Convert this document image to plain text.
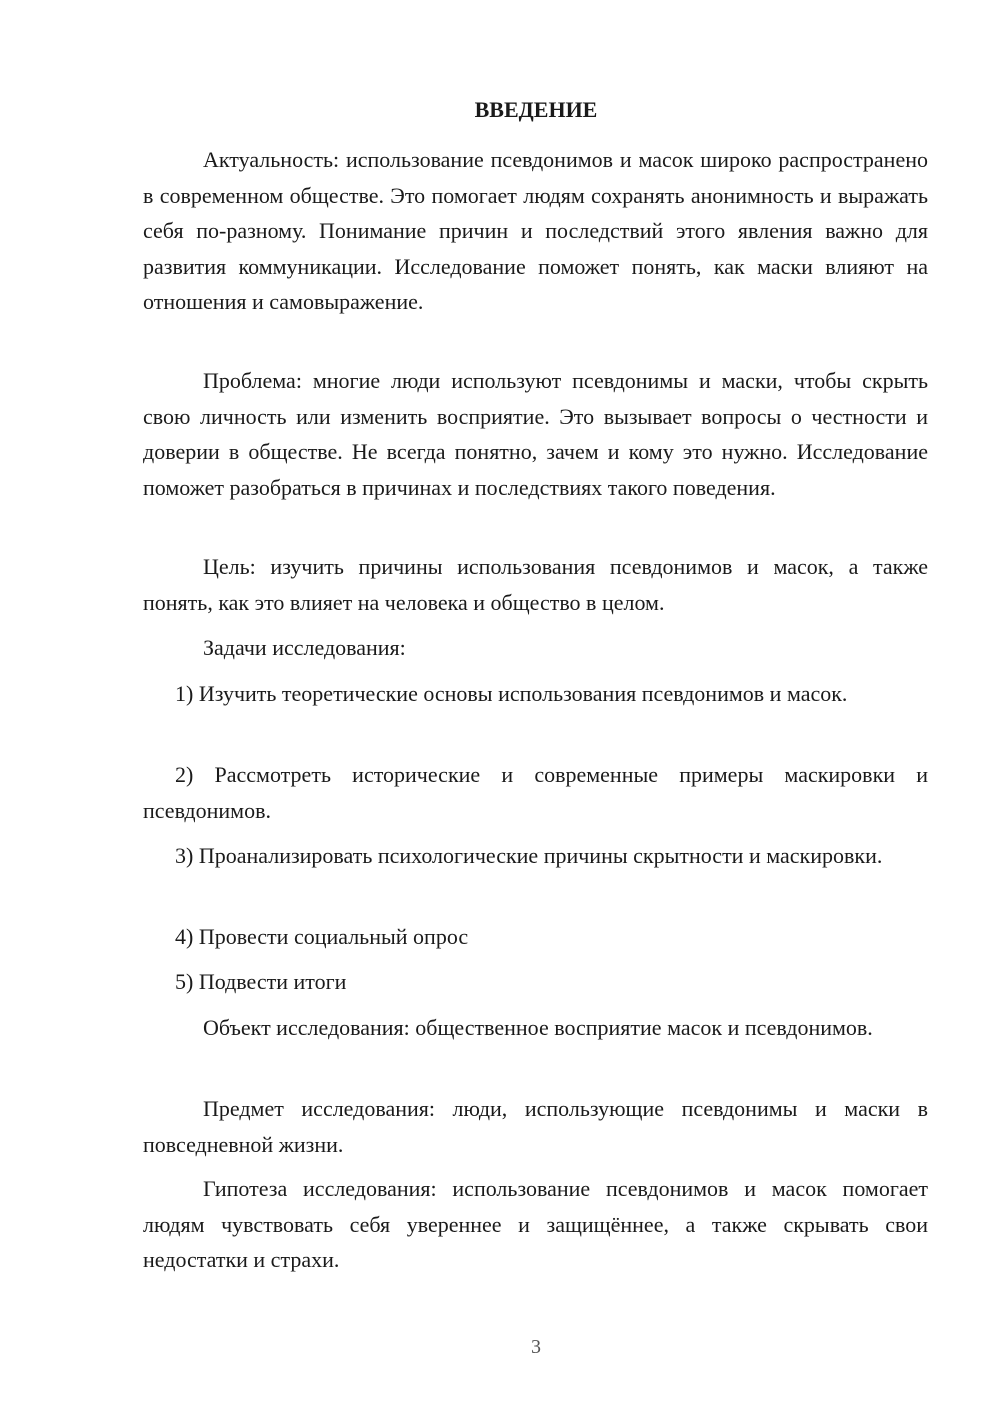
ВВЕДЕНИЕ

Актуальность: использование псевдонимов и масок широко распространено в современном обществе. Это помогает людям сохранять анонимность и выражать себя по-разному. Понимание причин и последствий этого явления важно для развития коммуникации. Исследование поможет понять, как маски влияют на отношения и самовыражение.

Проблема: многие люди используют псевдонимы и маски, чтобы скрыть свою личность или изменить восприятие. Это вызывает вопросы о честности и доверии в обществе. Не всегда понятно, зачем и кому это нужно. Исследование поможет разобраться в причинах и последствиях такого поведения.

Цель: изучить причины использования псевдонимов и масок, а также понять, как это влияет на человека и общество в целом.

Задачи исследования:

1) Изучить теоретические основы использования псевдонимов и масок.

2) Рассмотреть исторические и современные примеры маскировки и псевдонимов.

3) Проанализировать психологические причины скрытности и маскировки.

4) Провести социальный опрос

5) Подвести итоги

Объект исследования: общественное восприятие масок и псевдонимов.

Предмет исследования: люди, использующие псевдонимы и маски в повседневной жизни.

Гипотеза исследования: использование псевдонимов и масок помогает людям чувствовать себя увереннее и защищённее, а также скрывать свои недостатки и страхи.

3
